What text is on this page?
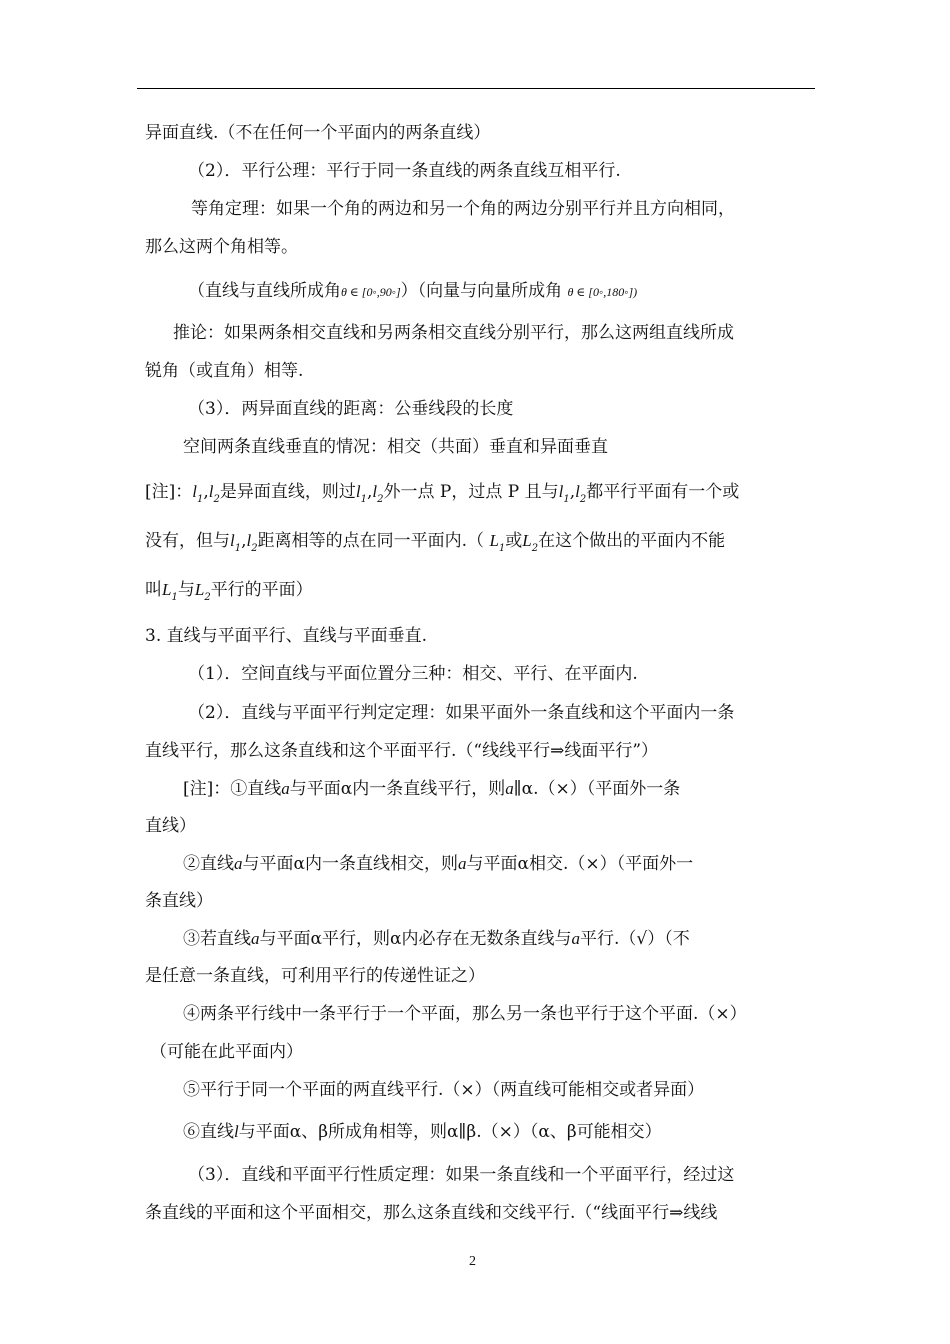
异面直线.（不在任何一个平面内的两条直线）
（2）．平行公理：平行于同一条直线的两条直线互相平行.
等角定理：如果一个角的两边和另一个角的两边分别平行并且方向相同，
那么这两个角相等。
（直线与直线所成角θ ∈ [0◦,90◦]）（向量与向量所成角 θ ∈ [0◦,180◦])
推论：如果两条相交直线和另两条相交直线分别平行，那么这两组直线所成
锐角（或直角）相等.
（3）．两异面直线的距离：公垂线段的长度
空间两条直线垂直的情况：相交（共面）垂直和异面垂直
[注]：$l_1,l_2$是异面直线，则过$l_1,l_2$外一点 P，过点 P 且与$l_1,l_2$都平行平面有一个或
没有，但与$l_1,l_2$距离相等的点在同一平面内.（ $L_1$或$L_2$在这个做出的平面内不能
叫$L_1$与$L_2$平行的平面）
3. 直线与平面平行、直线与平面垂直.
（1）．空间直线与平面位置分三种：相交、平行、在平面内.
（2）．直线与平面平行判定定理：如果平面外一条直线和这个平面内一条
直线平行，那么这条直线和这个平面平行.（“线线平行⇒线面平行”）
[注]：①直线a与平面α内一条直线平行，则a∥α.（×）（平面外一条
直线）
②直线a与平面α内一条直线相交，则a与平面α相交.（×）（平面外一
条直线）
③若直线a与平面α平行，则α内必存在无数条直线与a平行.（√）（不
是任意一条直线，可利用平行的传递性证之）
④两条平行线中一条平行于一个平面，那么另一条也平行于这个平面.（×）
（可能在此平面内）
⑤平行于同一个平面的两直线平行.（×）（两直线可能相交或者异面）
⑥直线l与平面α、β所成角相等，则α∥β.（×）（α、β可能相交）
（3）．直线和平面平行性质定理：如果一条直线和一个平面平行，经过这
条直线的平面和这个平面相交，那么这条直线和交线平行.（“线面平行⇒线线
2
